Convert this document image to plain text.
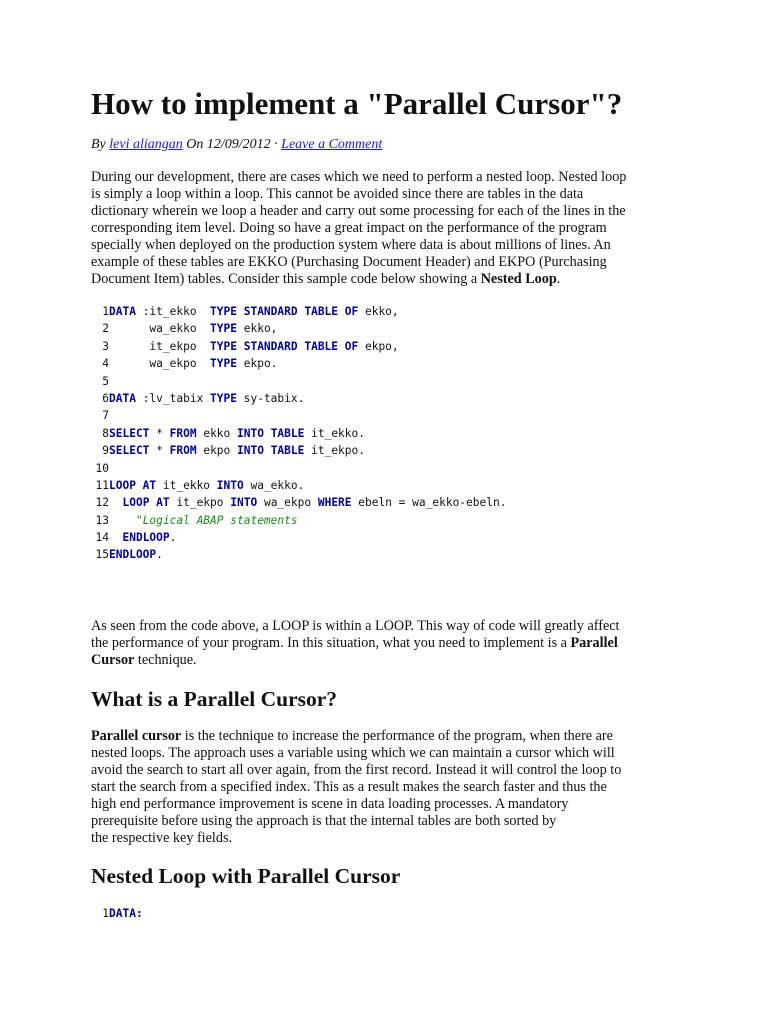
How to implement a "Parallel Cursor"?
By levi aliangan On 12/09/2012 · Leave a Comment
During our development, there are cases which we need to perform a nested loop. Nested loop
is simply a loop within a loop. This cannot be avoided since there are tables in the data
dictionary wherein we loop a header and carry out some processing for each of the lines in the
corresponding item level. Doing so have a great impact on the performance of the program
specially when deployed on the production system where data is about millions of lines. An
example of these tables are EKKO (Purchasing Document Header) and EKPO (Purchasing
Document Item) tables. Consider this sample code below showing a Nested Loop.
1DATA :it_ekko  TYPE STANDARD TABLE OF ekko,
2      wa_ekko  TYPE ekko,
3      it_ekpo  TYPE STANDARD TABLE OF ekpo,
4      wa_ekpo  TYPE ekpo.
5
6DATA :lv_tabix TYPE sy-tabix.
7
8SELECT * FROM ekko INTO TABLE it_ekko.
9SELECT * FROM ekpo INTO TABLE it_ekpo.
10
11LOOP AT it_ekko INTO wa_ekko.
12 LOOP AT it_ekpo INTO wa_ekpo WHERE ebeln = wa_ekko-ebeln.
13 "Logical ABAP statements
14 ENDLOOP.
15ENDLOOP.
As seen from the code above, a LOOP is within a LOOP. This way of code will greatly affect
the performance of your program. In this situation, what you need to implement is a Parallel
Cursor technique.
What is a Parallel Cursor?
Parallel cursor is the technique to increase the performance of the program, when there are
nested loops. The approach uses a variable using which we can maintain a cursor which will
avoid the search to start all over again, from the first record. Instead it will control the loop to
start the search from a specified index. This as a result makes the search faster and thus the
high end performance improvement is scene in data loading processes. A mandatory
prerequisite before using the approach is that the internal tables are both sorted by
the respective key fields.
Nested Loop with Parallel Cursor
1DATA:
